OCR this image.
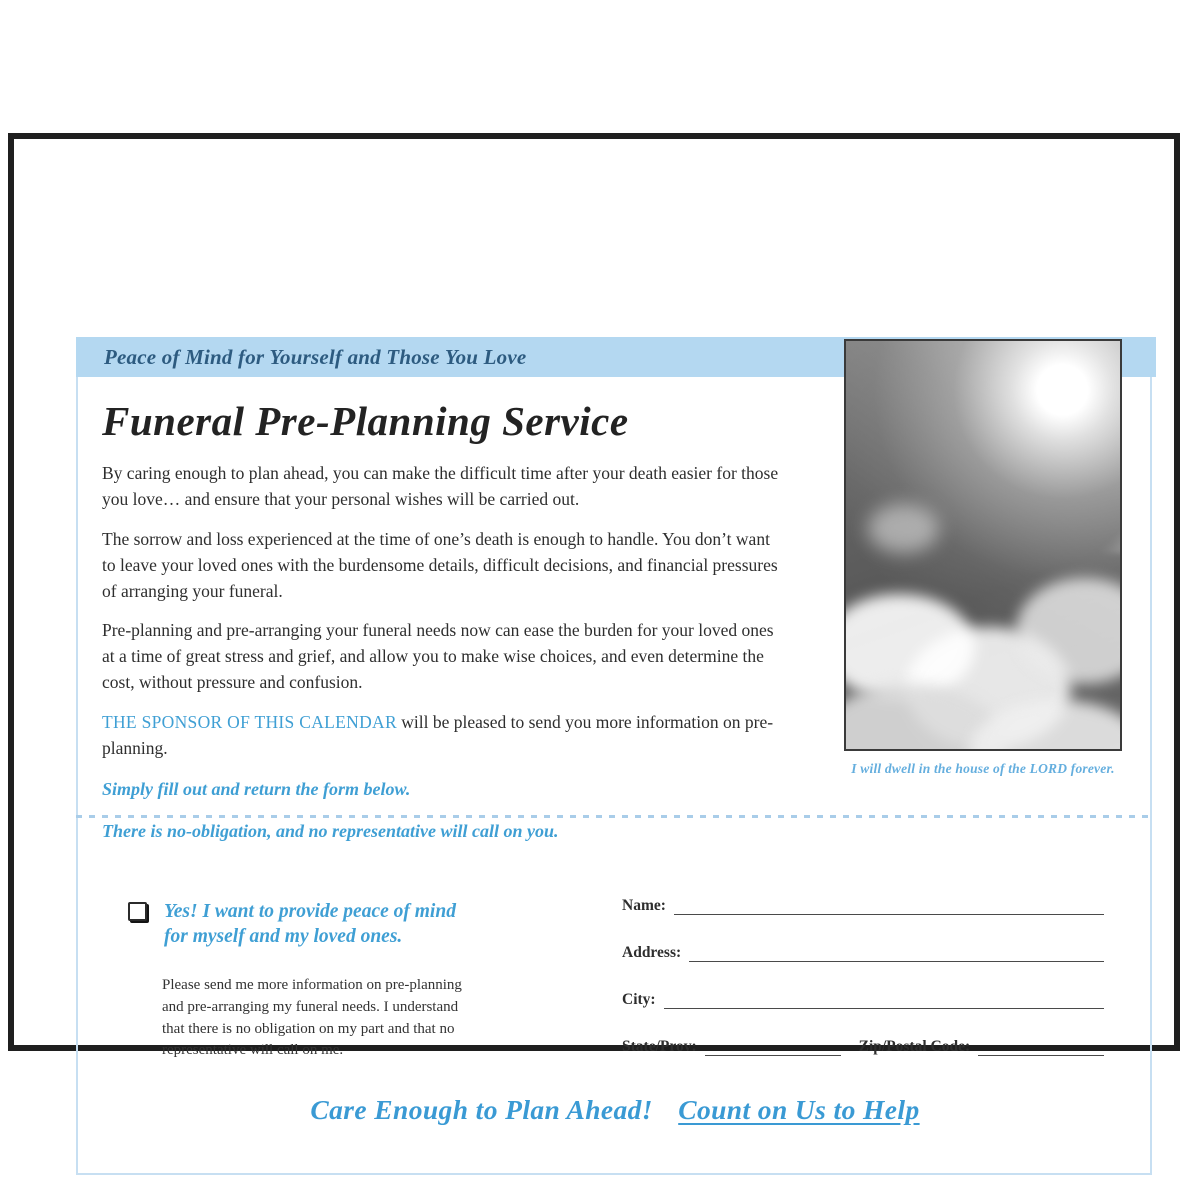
Peace of Mind for Yourself and Those You Love
Funeral Pre-Planning Service

By caring enough to plan ahead, you can make the difficult time after your death easier for those you love… and ensure that your personal wishes will be carried out.

The sorrow and loss experienced at the time of one’s death is enough to handle. You don’t want to leave your loved ones with the burdensome details, difficult decisions, and financial pressures of arranging your funeral.

Pre-planning and pre-arranging your funeral needs now can ease the burden for your loved ones at a time of great stress and grief, and allow you to make wise choices, and even determine the cost, without pressure and confusion.

THE SPONSOR OF THIS CALENDAR will be pleased to send you more information on pre-planning.

Simply fill out and return the form below.

There is no-obligation, and no representative will call on you.

I will dwell in the house of the LORD forever.
Yes! I want to provide peace of mind for myself and my loved ones.
Please send me more information on pre-planning and pre-arranging my funeral needs. I understand that there is no obligation on my part and that no representative will call on me.
Name:
Address:
City:
State/Prov:	Zip/Postal Code:
Care Enough to Plan Ahead! Count on Us to Help
